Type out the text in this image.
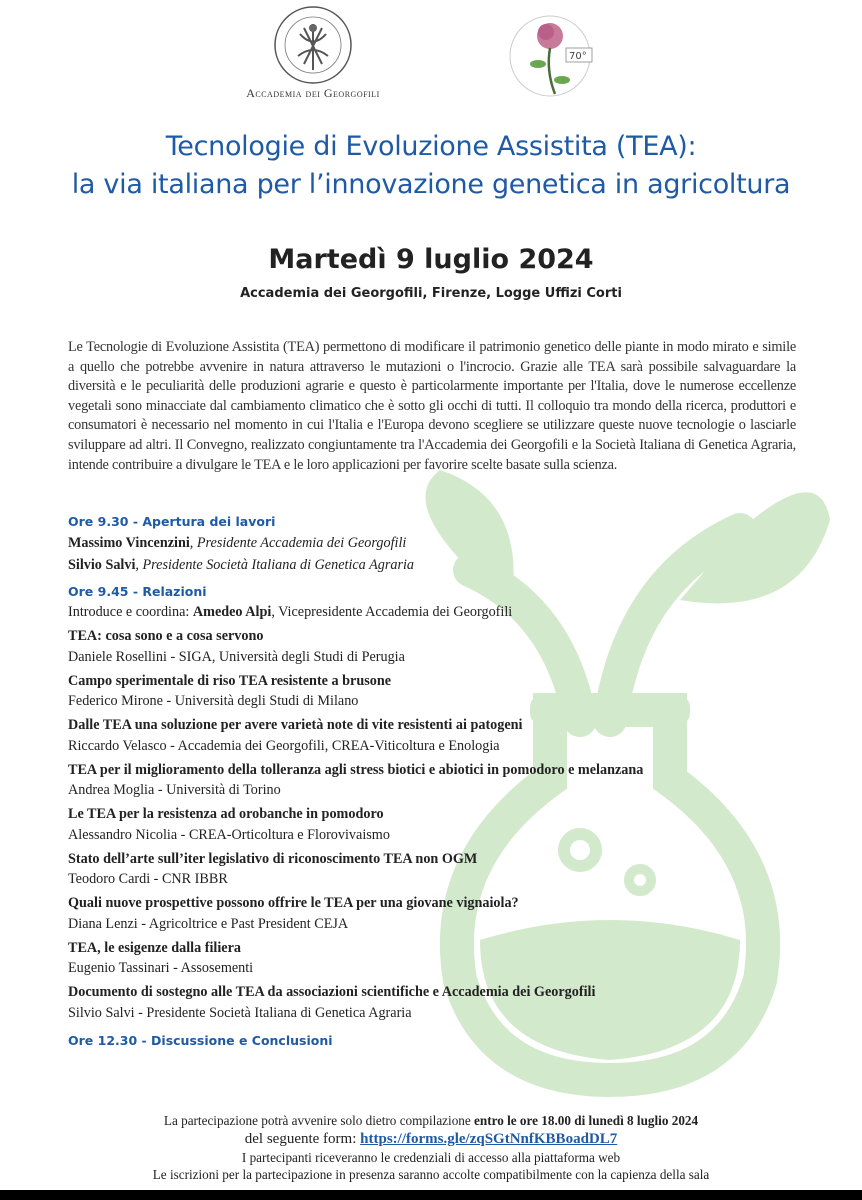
Accademia dei Georgofili
70°
Tecnologie di Evoluzione Assistita (TEA):
la via italiana per l’innovazione genetica in agricoltura
Martedì 9 luglio 2024
Accademia dei Georgofili, Firenze, Logge Uffizi Corti
Le Tecnologie di Evoluzione Assistita (TEA) permettono di modificare il patrimonio genetico delle piante in modo mirato e simile a quello che potrebbe avvenire in natura attraverso le mutazioni o l'incrocio. Grazie alle TEA sarà possibile salvaguardare la diversità e le peculiarità delle produzioni agrarie e questo è particolarmente importante per l'Italia, dove le numerose eccellenze vegetali sono minacciate dal cambiamento climatico che è sotto gli occhi di tutti. Il colloquio tra mondo della ricerca, produttori e consumatori è necessario nel momento in cui l'Italia e l'Europa devono scegliere se utilizzare queste nuove tecnologie o lasciarle sviluppare ad altri. Il Convegno, realizzato congiuntamente tra l'Accademia dei Georgofili e la Società Italiana di Genetica Agraria, intende contribuire a divulgare le TEA e le loro applicazioni per favorire scelte basate sulla scienza.
Ore 9.30 - Apertura dei lavori
Massimo Vincenzini, Presidente Accademia dei Georgofili
Silvio Salvi, Presidente Società Italiana di Genetica Agraria
Ore 9.45 - Relazioni
Introduce e coordina: Amedeo Alpi, Vicepresidente Accademia dei Georgofili
TEA: cosa sono e a cosa servono
Daniele Rosellini - SIGA, Università degli Studi di Perugia
Campo sperimentale di riso TEA resistente a brusone
Federico Mirone - Università degli Studi di Milano
Dalle TEA una soluzione per avere varietà note di vite resistenti ai patogeni
Riccardo Velasco - Accademia dei Georgofili, CREA-Viticoltura e Enologia
TEA per il miglioramento della tolleranza agli stress biotici e abiotici in pomodoro e melanzana
Andrea Moglia - Università di Torino
Le TEA per la resistenza ad orobanche in pomodoro
Alessandro Nicolia - CREA-Orticoltura e Florovivaismo
Stato dell’arte sull’iter legislativo di riconoscimento TEA non OGM
Teodoro Cardi - CNR IBBR
Quali nuove prospettive possono offrire le TEA per una giovane vignaiola?
Diana Lenzi - Agricoltrice e Past President CEJA
TEA, le esigenze dalla filiera
Eugenio Tassinari - Assosementi
Documento di sostegno alle TEA da associazioni scientifiche e Accademia dei Georgofili
Silvio Salvi - Presidente Società Italiana di Genetica Agraria
Ore 12.30 - Discussione e Conclusioni
La partecipazione potrà avvenire solo dietro compilazione entro le ore 18.00 di lunedì 8 luglio 2024
del seguente form: https://forms.gle/zqSGtNnfKBBoadDL7
I partecipanti riceveranno le credenziali di accesso alla piattaforma web
Le iscrizioni per la partecipazione in presenza saranno accolte compatibilmente con la capienza della sala
